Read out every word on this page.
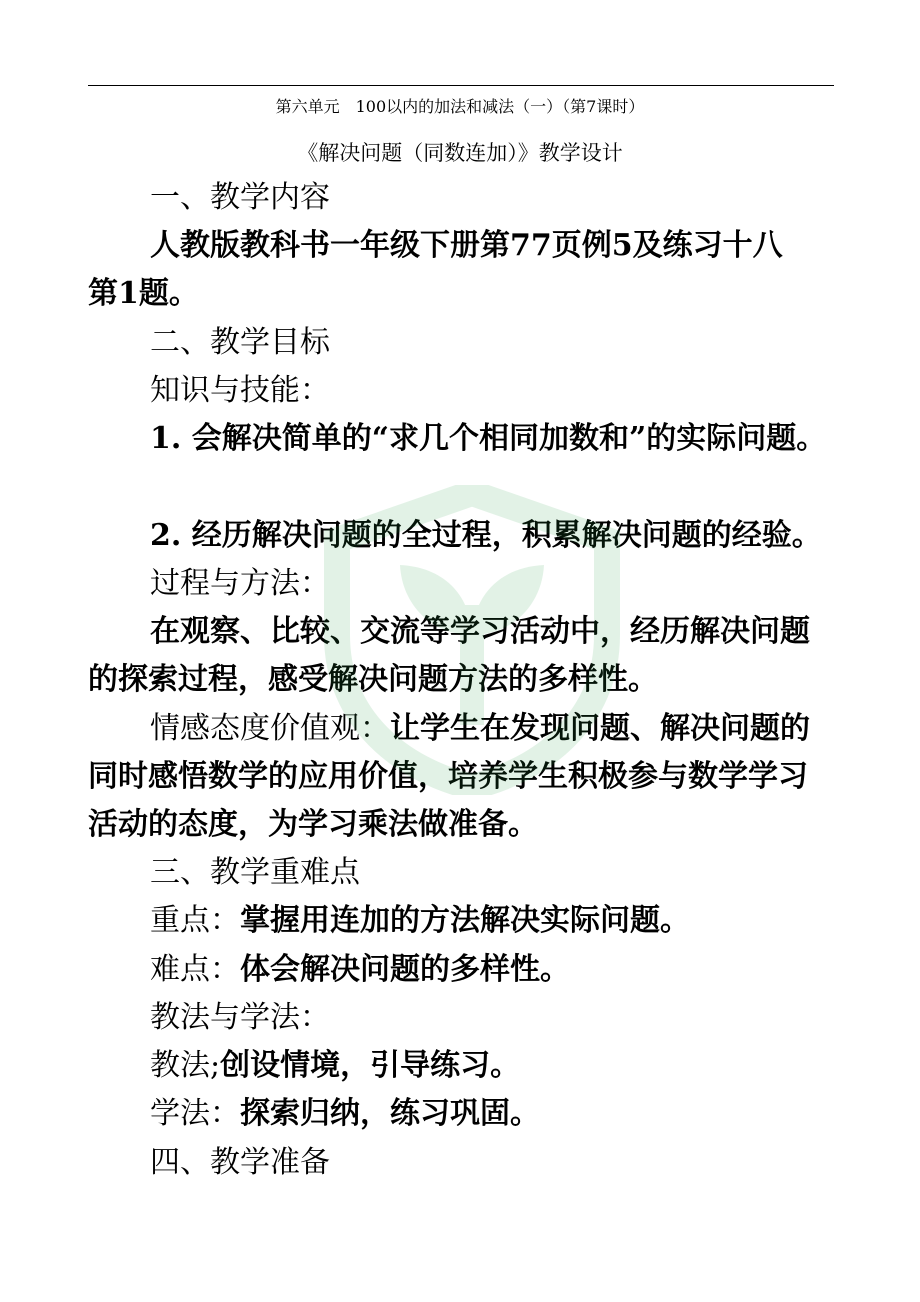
第六单元　100以内的加法和减法（一）（第7课时）
《解决问题（同数连加）》教学设计
一、教学内容
人教版教科书一年级下册第77页例5及练习十八
第1题。
二、教学目标
知识与技能：
1. 会解决简单的“求几个相同加数和”的实际问题。
2. 经历解决问题的全过程，积累解决问题的经验。
过程与方法：
在观察、比较、交流等学习活动中，经历解决问题
的探索过程，感受解决问题方法的多样性。
情感态度价值观：让学生在发现问题、解决问题的
同时感悟数学的应用价值，培养学生积极参与数学学习
活动的态度，为学习乘法做准备。
三、教学重难点
重点：掌握用连加的方法解决实际问题。
难点：体会解决问题的多样性。
教法与学法：
教法;创设情境，引导练习。
学法：探索归纳，练习巩固。
四、教学准备
